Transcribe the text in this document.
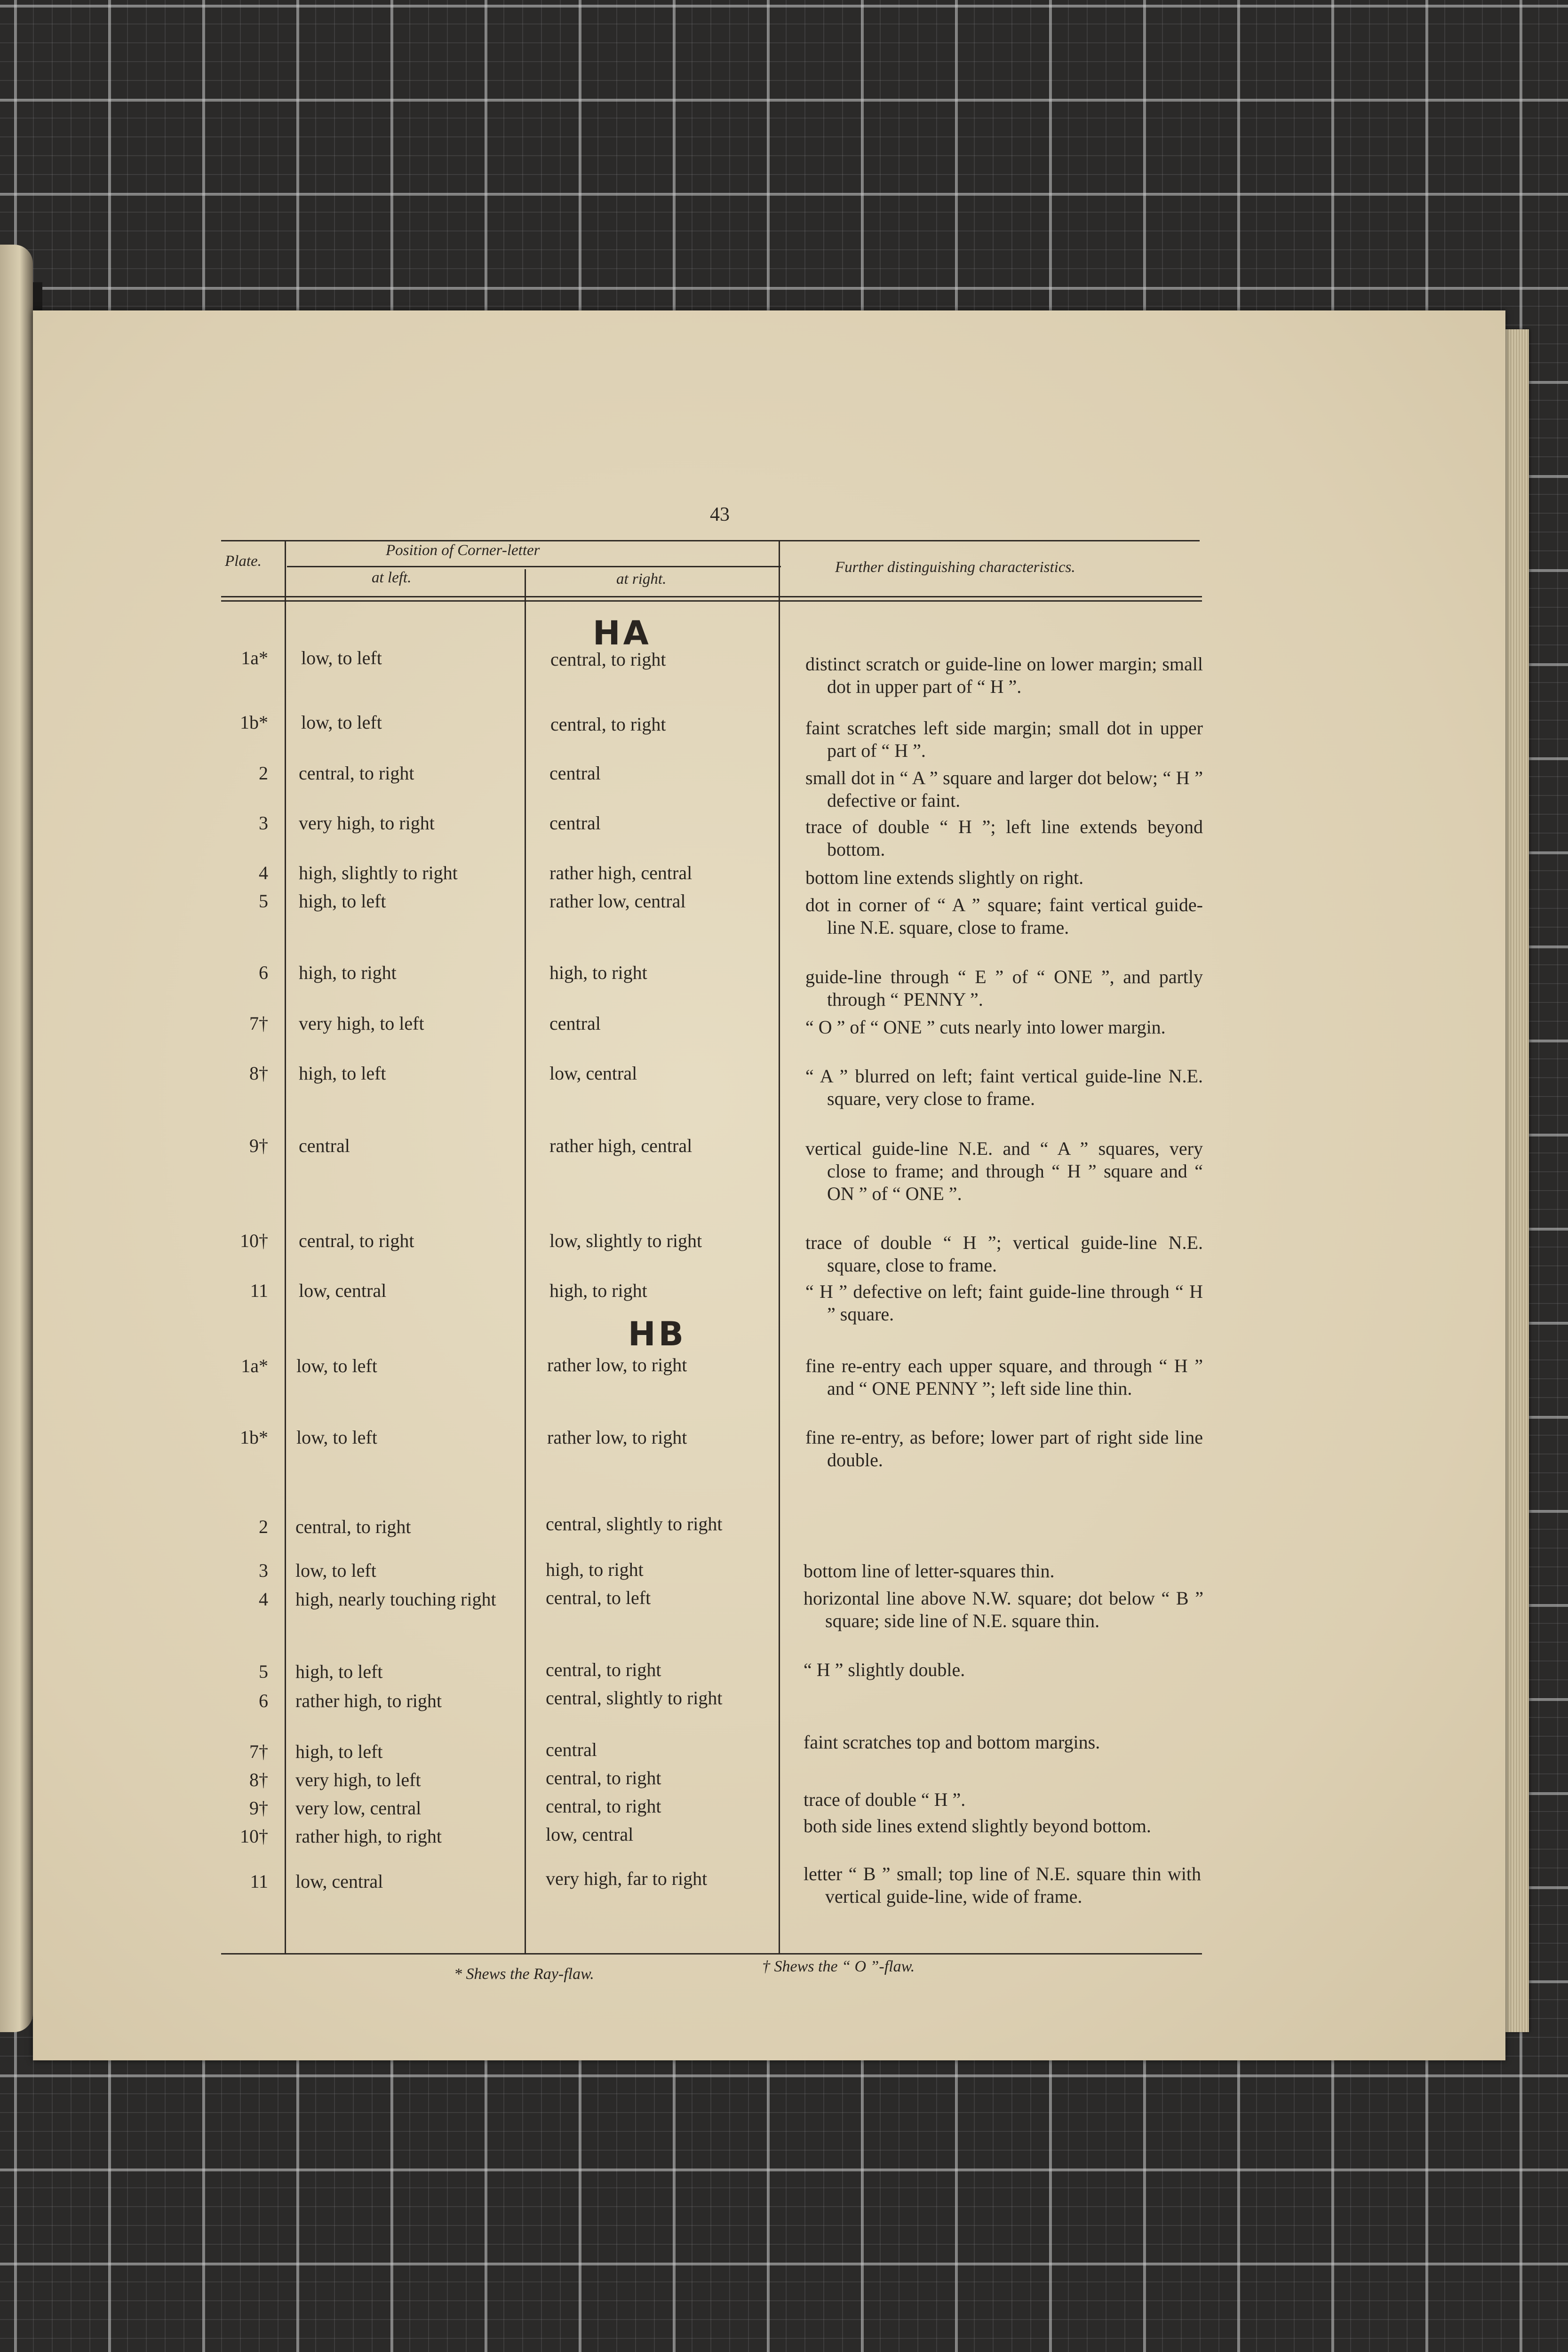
43
Plate.
Position of Corner-letter
at left.	at right.
Further distinguishing characteristics.
HA
HB
1a* low, to left	central, to right	distinct scratch or guide-line on lower margin; small dot in upper part of “ H ”.
1b* low, to left	central, to right	faint scratches left side margin; small dot in upper part of “ H ”.
2 central, to right	central	small dot in “ A ” square and larger dot below; “ H ” defective or faint.
3 very high, to right	central	trace of double “ H ”; left line extends beyond bottom.
4 high, slightly to right	rather high, central	bottom line extends slightly on right.
5 high, to left	rather low, central	dot in corner of “ A ” square; faint vertical guide-line N.E. square, close to frame.
6 high, to right	high, to right	guide-line through “ E ” of “ ONE ”, and partly through “ PENNY ”.
7† very high, to left	central	“ O ” of “ ONE ” cuts nearly into lower margin.
8† high, to left	low, central	“ A ” blurred on left; faint vertical guide-line N.E. square, very close to frame.
9† central	rather high, central	vertical guide-line N.E. and “ A ” squares, very close to frame; and through “ H ” square and “ ON ” of “ ONE ”.
10† central, to right	low, slightly to right	trace of double “ H ”; vertical guide-line N.E. square, close to frame.
11 low, central	high, to right	“ H ” defective on left; faint guide-line through “ H ” square.
1a* low, to left	rather low, to right	fine re-entry each upper square, and through “ H ” and “ ONE PENNY ”; left side line thin.
1b* low, to left	rather low, to right	fine re-entry, as before; lower part of right side line double.
2 central, to right	central, slightly to right
3 low, to left	high, to right	bottom line of letter-squares thin.
4 high, nearly touching right	central, to left	horizontal line above N.W. square; dot below “ B ” square; side line of N.E. square thin.
5 high, to left	central, to right	“ H ” slightly double.
6 rather high, to right	central, slightly to right
7† high, to left	central	faint scratches top and bottom margins.
8† very high, to left	central, to right
9† very low, central	central, to right	trace of double “ H ”.
10† rather high, to right	low, central	both side lines extend slightly beyond bottom.
11 low, central	very high, far to right	letter “ B ” small; top line of N.E. square thin with vertical guide-line, wide of frame.
* Shews the Ray-flaw.	† Shews the “ O ”-flaw.
